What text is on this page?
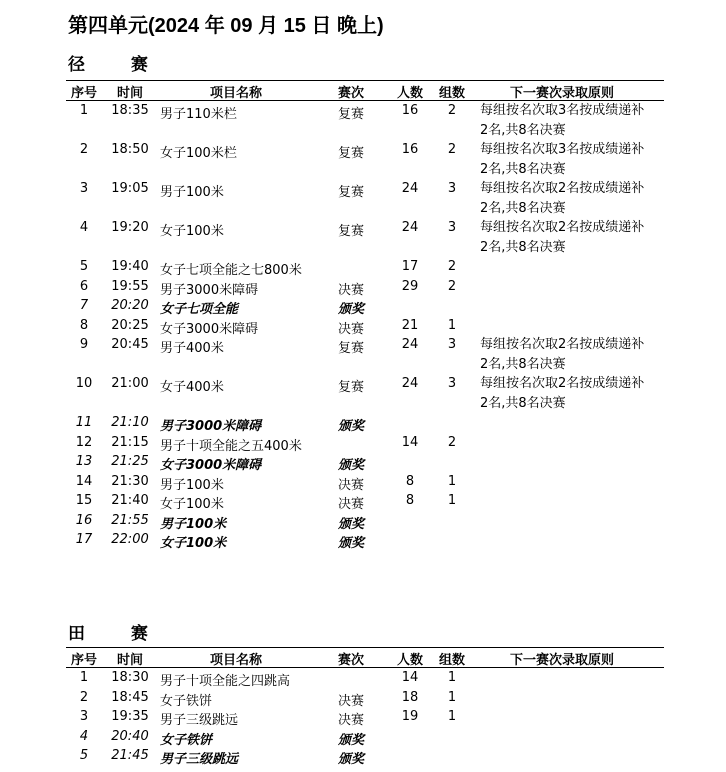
第四单元(2024 年 09 月 15 日 晚上)
径 赛
序号	时间	项目名称	赛次	人数	组数	下一赛次录取原则
1	18:35 男子110米栏	复赛	16	2	每组按名次取3名按成绩递补
2名,共8名决赛
2	18:50 女子100米栏	复赛	16	2	每组按名次取3名按成绩递补
2名,共8名决赛
3	19:05 男子100米	复赛	24	3	每组按名次取2名按成绩递补
2名,共8名决赛
4	19:20 女子100米	复赛	24	3	每组按名次取2名按成绩递补
2名,共8名决赛
5	19:40 女子七项全能之七800米	17	2
6	19:55 男子3000米障碍	决赛	29	2
7	20:20 女子七项全能	颁奖
8	20:25 女子3000米障碍	决赛	21	1
9	20:45 男子400米	复赛	24	3	每组按名次取2名按成绩递补
2名,共8名决赛
10	21:00 女子400米	复赛	24	3	每组按名次取2名按成绩递补
2名,共8名决赛
11	21:10 男子3000米障碍	颁奖
12	21:15 男子十项全能之五400米	14	2
13	21:25 女子3000米障碍	颁奖
14	21:30 男子100米	决赛	8	1
15	21:40 女子100米	决赛	8	1
16	21:55 男子100米	颁奖
17	22:00 女子100米	颁奖
田 赛
序号	时间	项目名称	赛次	人数	组数	下一赛次录取原则
1	18:30 男子十项全能之四跳高	14	1
2	18:45 女子铁饼	决赛	18	1
3	19:35 男子三级跳远	决赛	19	1
4	20:40 女子铁饼	颁奖
5	21:45 男子三级跳远	颁奖
